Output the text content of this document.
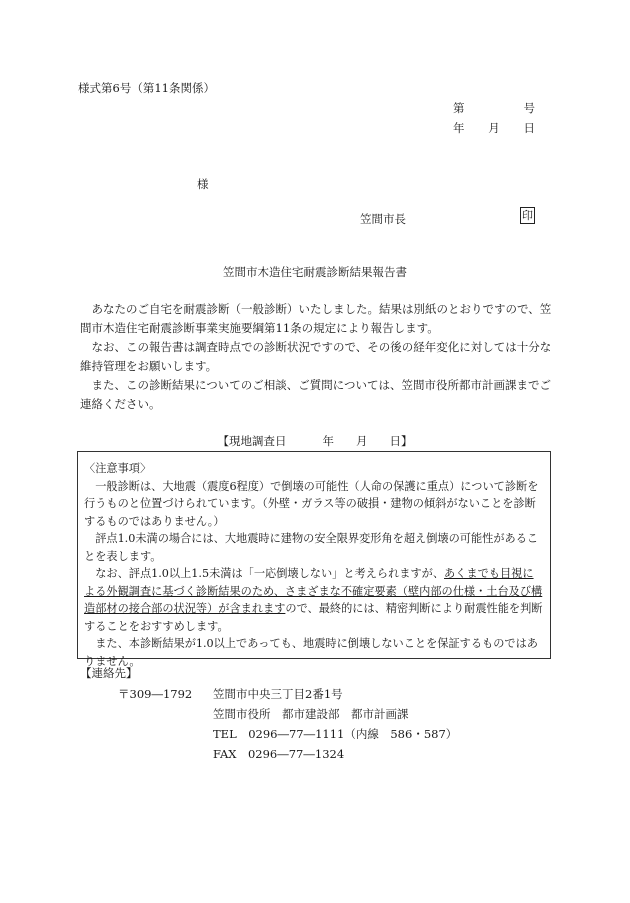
様式第6号（第11条関係）
第	号
年 月 日
様
笠間市長	印
笠間市木造住宅耐震診断結果報告書

あなたのご自宅を耐震診断（一般診断）いたしました。結果は別紙のとおりですので、笠間市木造住宅耐震診断事業実施要綱第11条の規定により報告します。

なお、この報告書は調査時点での診断状況ですので、その後の経年変化に対しては十分な維持管理をお願いします。

また、この診断結果についてのご相談、ご質問については、笠間市役所都市計画課までご連絡ください。

【現地調査日	年 月 日】

〈注意事項〉

一般診断は、大地震（震度6程度）で倒壊の可能性（人命の保護に重点）について診断を行うものと位置づけられています。（外壁・ガラス等の破損・建物の傾斜がないことを診断するものではありません。）

評点1.0未満の場合には、大地震時に建物の安全限界変形角を超え倒壊の可能性があることを表します。

なお、評点1.0以上1.5未満は「一応倒壊しない」と考えられますが、あくまでも目視による外観調査に基づく診断結果のため、さまざまな不確定要素（壁内部の仕様・土台及び構造部材の接合部の状況等）が含まれますので、最終的には、精密判断により耐震性能を判断することをおすすめします。

また、本診断結果が1.0以上であっても、地震時に倒壊しないことを保証するものではありません。

【連絡先】
〒309―1792 笠間市中央三丁目2番1号
笠間市役所　都市建設部　都市計画課
TEL　0296―77―1111（内線　586・587）
FAX　0296―77―1324
